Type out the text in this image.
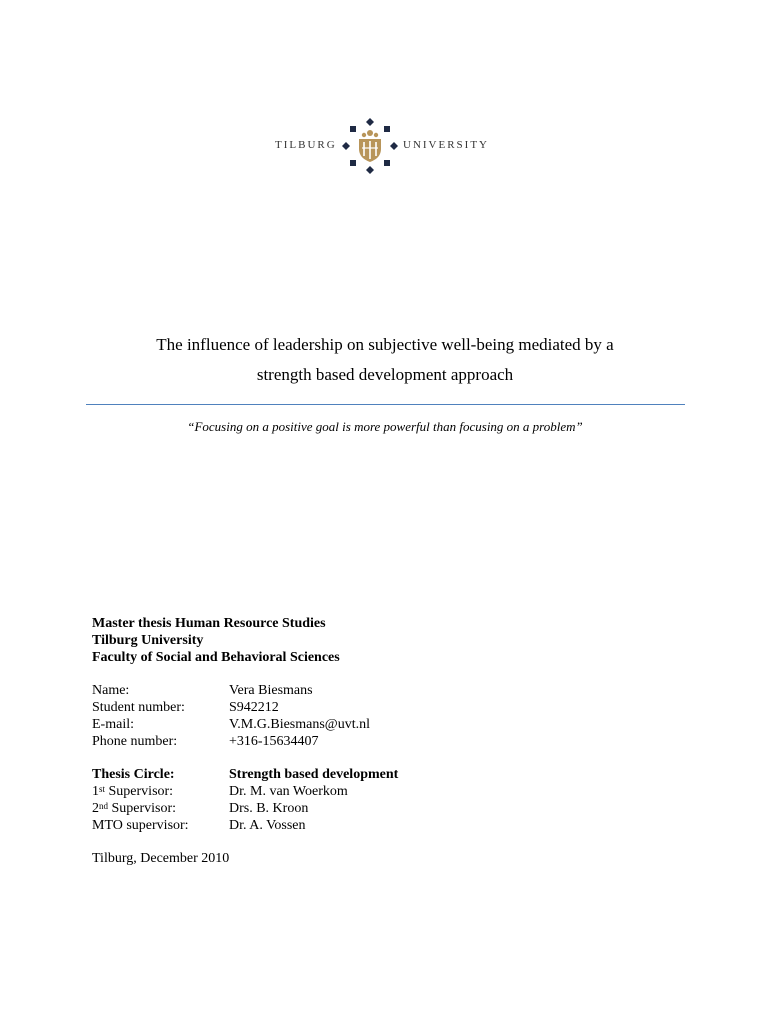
TILBURG	UNIVERSITY
The influence of leadership on subjective well-being mediated by a
strength based development approach
“Focusing on a positive goal is more powerful than focusing on a problem”
Master thesis Human Resource Studies
Tilburg University
Faculty of Social and Behavioral Sciences
Name:	Vera Biesmans
Student number:	S942212
E-mail:	V.M.G.Biesmans@uvt.nl
Phone number:	+316-15634407
Thesis Circle:	Strength based development
1st Supervisor:	Dr. M. van Woerkom
2nd Supervisor:	Drs. B. Kroon
MTO supervisor:	Dr. A. Vossen
Tilburg, December 2010
